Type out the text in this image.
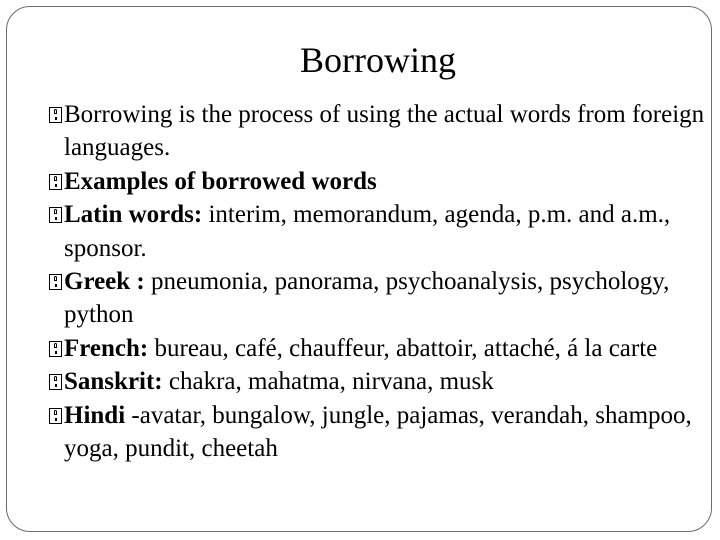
Borrowing
Borrowing is the process of using the actual words from foreign languages.
Examples of borrowed words
Latin words: interim, memorandum, agenda, p.m. and a.m., sponsor.
Greek : pneumonia, panorama, psychoanalysis, psychology, python
French: bureau, café, chauffeur, abattoir, attaché, á la carte
Sanskrit: chakra, mahatma, nirvana, musk
Hindi -avatar, bungalow, jungle, pajamas, verandah, shampoo, yoga, pundit, cheetah
